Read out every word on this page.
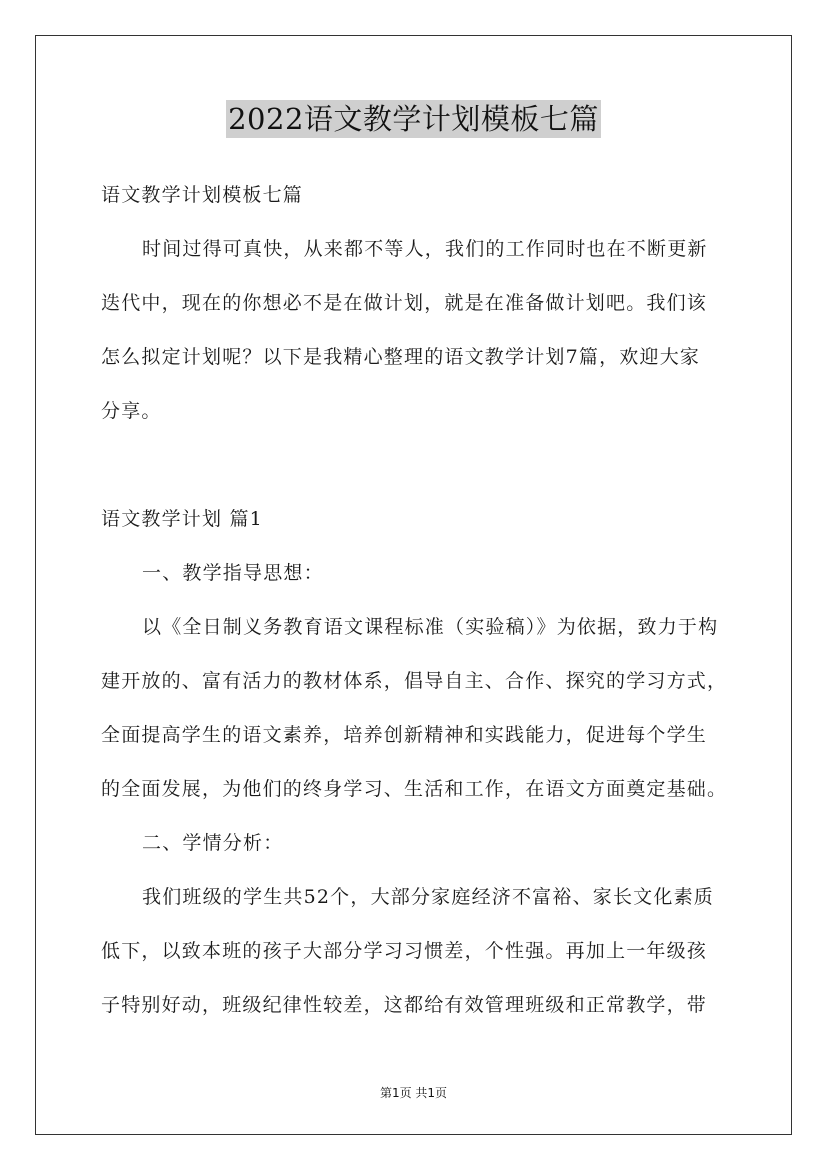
2022语文教学计划模板七篇
语文教学计划模板七篇
时间过得可真快，从来都不等人，我们的工作同时也在不断更新
迭代中，现在的你想必不是在做计划，就是在准备做计划吧。我们该
怎么拟定计划呢？以下是我精心整理的语文教学计划7篇，欢迎大家
分享。
语文教学计划 篇1
一、教学指导思想：
以《全日制义务教育语文课程标准（实验稿）》为依据，致力于构
建开放的、富有活力的教材体系，倡导自主、合作、探究的学习方式，
全面提高学生的语文素养，培养创新精神和实践能力，促进每个学生
的全面发展，为他们的终身学习、生活和工作，在语文方面奠定基础。
二、学情分析：
我们班级的学生共52个，大部分家庭经济不富裕、家长文化素质
低下，以致本班的孩子大部分学习习惯差，个性强。再加上一年级孩
子特别好动，班级纪律性较差，这都给有效管理班级和正常教学，带
第1页 共1页
